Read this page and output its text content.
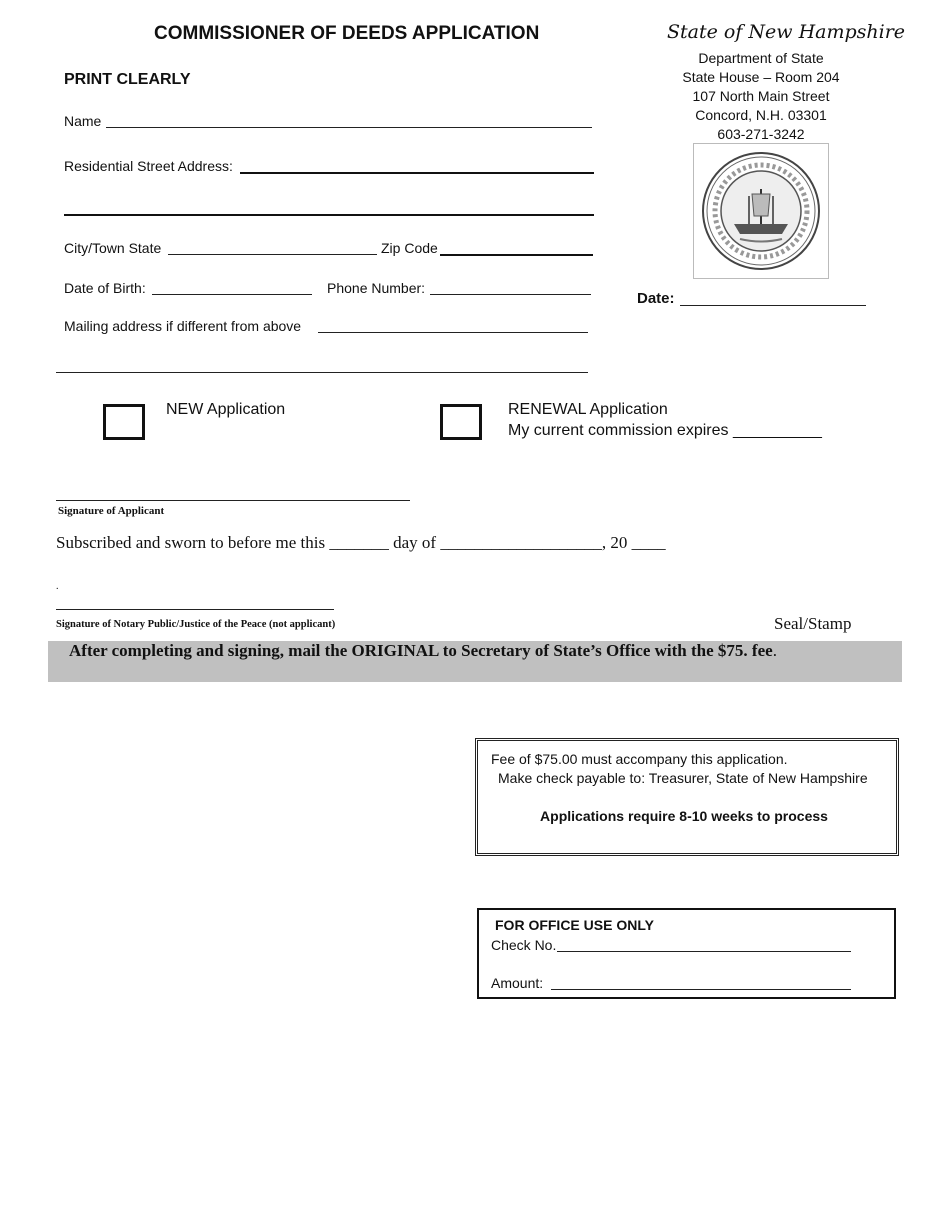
COMMISSIONER OF DEEDS APPLICATION
PRINT CLEARLY
State of New Hampshire
Department of State
State House – Room 204
107 North Main Street
Concord, N.H. 03301
603-271-3242
Date:
Name
Residential Street Address:
City/Town State	Zip Code
Date of Birth:	Phone Number:
Mailing address if different from above
NEW Application	RENEWAL Application
My current commission expires __________
Signature of Applicant
Subscribed and sworn to before me this _______ day of ___________________, 20 ____
.
Signature of Notary Public/Justice of the Peace (not applicant)	Seal/Stamp
After completing and signing, mail the ORIGINAL to Secretary of State’s Office with the $75. fee.
Fee of $75.00 must accompany this application.
Make check payable to: Treasurer, State of New Hampshire
Applications require 8-10 weeks to process
FOR OFFICE USE ONLY
Check No.
Amount:
